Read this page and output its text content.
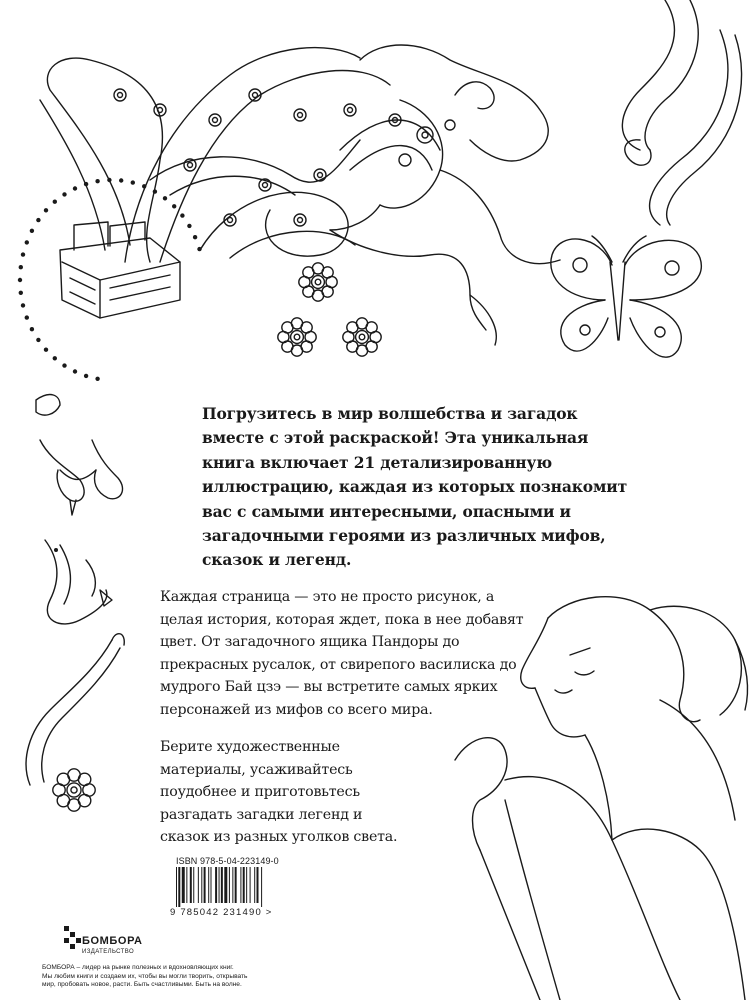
Погрузитесь в мир волшебства и загадок
вместе с этой раскраской! Эта уникальная
книга включает 21 детализированную
иллюстрацию, каждая из которых познакомит
вас с самыми интересными, опасными и
загадочными героями из различных мифов,
сказок и легенд.

Каждая страница — это не просто рисунок, а
целая история, которая ждет, пока в нее добавят
цвет. От загадочного ящика Пандоры до
прекрасных русалок, от свирепого василиска до
мудрого Бай цзэ — вы встретите самых ярких
персонажей из мифов со всего мира.

Берите художественные
материалы, усаживайтесь
поудобнее и приготовьтесь
разгадать загадки легенд и
сказок из разных уголков света.

ISBN 978-5-04-223149-0
9 785042 231490 >
БОМБОРА
ИЗДАТЕЛЬСТВО
БОМБОРА – лидер на рынке полезных и вдохновляющих книг.
Мы любим книги и создаем их, чтобы вы могли творить, открывать
мир, пробовать новое, расти. Быть счастливыми. Быть на волне.
